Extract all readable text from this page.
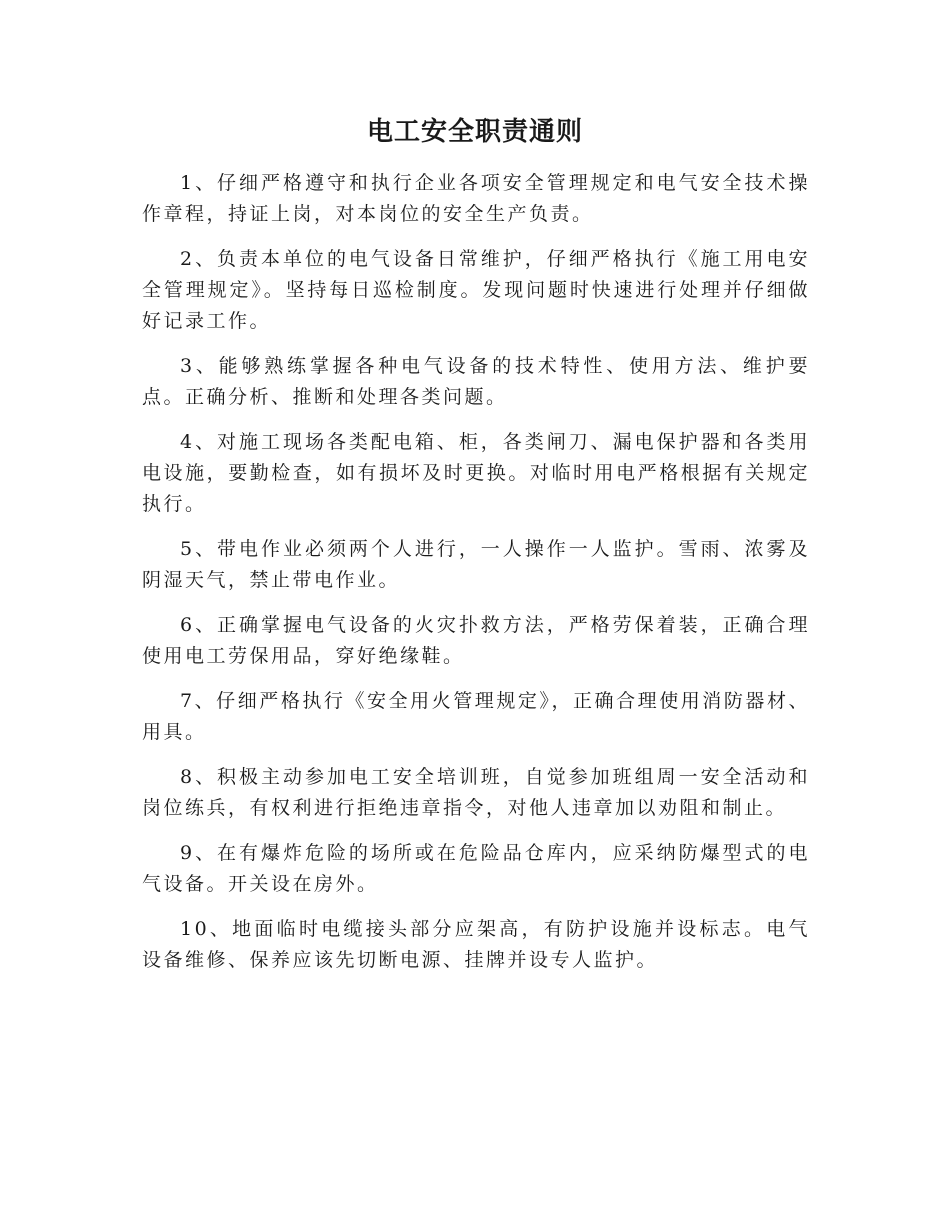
电工安全职责通则

1、仔细严格遵守和执行企业各项安全管理规定和电气安全技术操作章程，持证上岗，对本岗位的安全生产负责。

2、负责本单位的电气设备日常维护，仔细严格执行《施工用电安全管理规定》。坚持每日巡检制度。发现问题时快速进行处理并仔细做好记录工作。

3、能够熟练掌握各种电气设备的技术特性、使用方法、维护要点。正确分析、推断和处理各类问题。

4、对施工现场各类配电箱、柜，各类闸刀、漏电保护器和各类用电设施，要勤检查，如有损坏及时更换。对临时用电严格根据有关规定执行。

5、带电作业必须两个人进行，一人操作一人监护。雪雨、浓雾及阴湿天气，禁止带电作业。

6、正确掌握电气设备的火灾扑救方法，严格劳保着装，正确合理使用电工劳保用品，穿好绝缘鞋。

7、仔细严格执行《安全用火管理规定》，正确合理使用消防器材、用具。

8、积极主动参加电工安全培训班，自觉参加班组周一安全活动和岗位练兵，有权利进行拒绝违章指令，对他人违章加以劝阻和制止。

9、在有爆炸危险的场所或在危险品仓库内，应采纳防爆型式的电气设备。开关设在房外。

10、地面临时电缆接头部分应架高，有防护设施并设标志。电气设备维修、保养应该先切断电源、挂牌并设专人监护。
